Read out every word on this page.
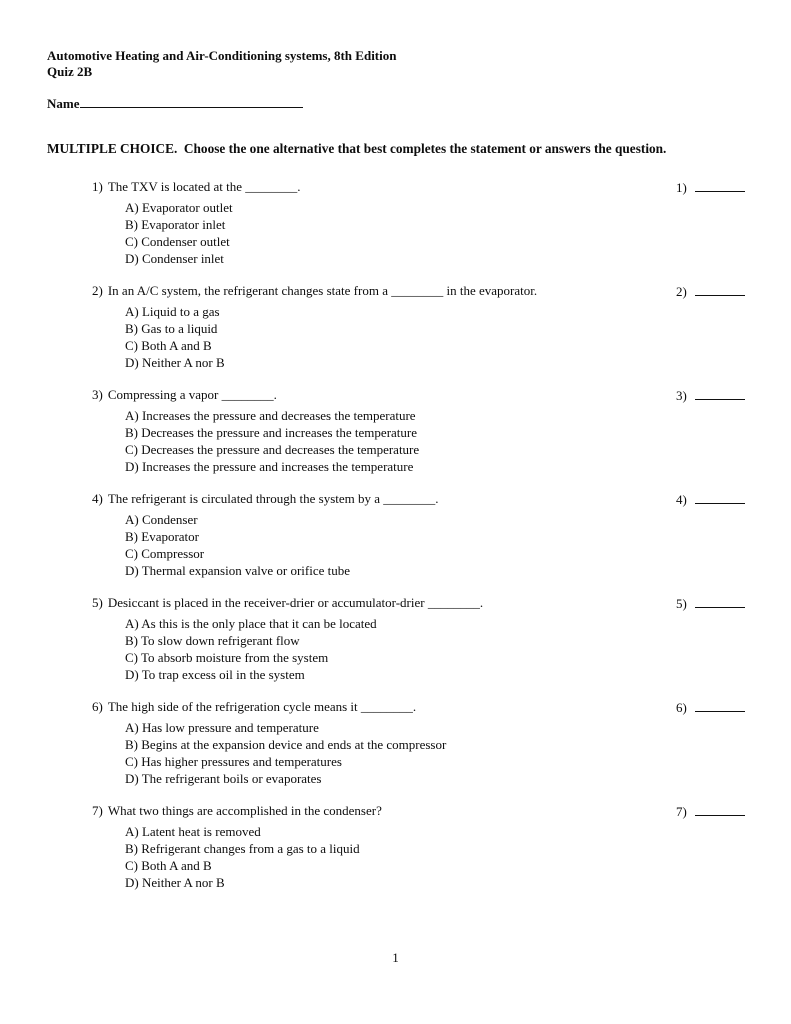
Automotive Heating and Air-Conditioning systems, 8th Edition
Quiz 2B
Name
MULTIPLE CHOICE.  Choose the one alternative that best completes the statement or answers the question.
1) The TXV is located at the ________.
A) Evaporator outlet
B) Evaporator inlet
C) Condenser outlet
D) Condenser inlet
1)
2) In an A/C system, the refrigerant changes state from a ________ in the evaporator.
A) Liquid to a gas
B) Gas to a liquid
C) Both A and B
D) Neither A nor B
2)
3) Compressing a vapor ________.
A) Increases the pressure and decreases the temperature
B) Decreases the pressure and increases the temperature
C) Decreases the pressure and decreases the temperature
D) Increases the pressure and increases the temperature
3)
4) The refrigerant is circulated through the system by a ________.
A) Condenser
B) Evaporator
C) Compressor
D) Thermal expansion valve or orifice tube
4)
5) Desiccant is placed in the receiver-drier or accumulator-drier ________.
A) As this is the only place that it can be located
B) To slow down refrigerant flow
C) To absorb moisture from the system
D) To trap excess oil in the system
5)
6) The high side of the refrigeration cycle means it ________.
A) Has low pressure and temperature
B) Begins at the expansion device and ends at the compressor
C) Has higher pressures and temperatures
D) The refrigerant boils or evaporates
6)
7) What two things are accomplished in the condenser?
A) Latent heat is removed
B) Refrigerant changes from a gas to a liquid
C) Both A and B
D) Neither A nor B
7)
1
